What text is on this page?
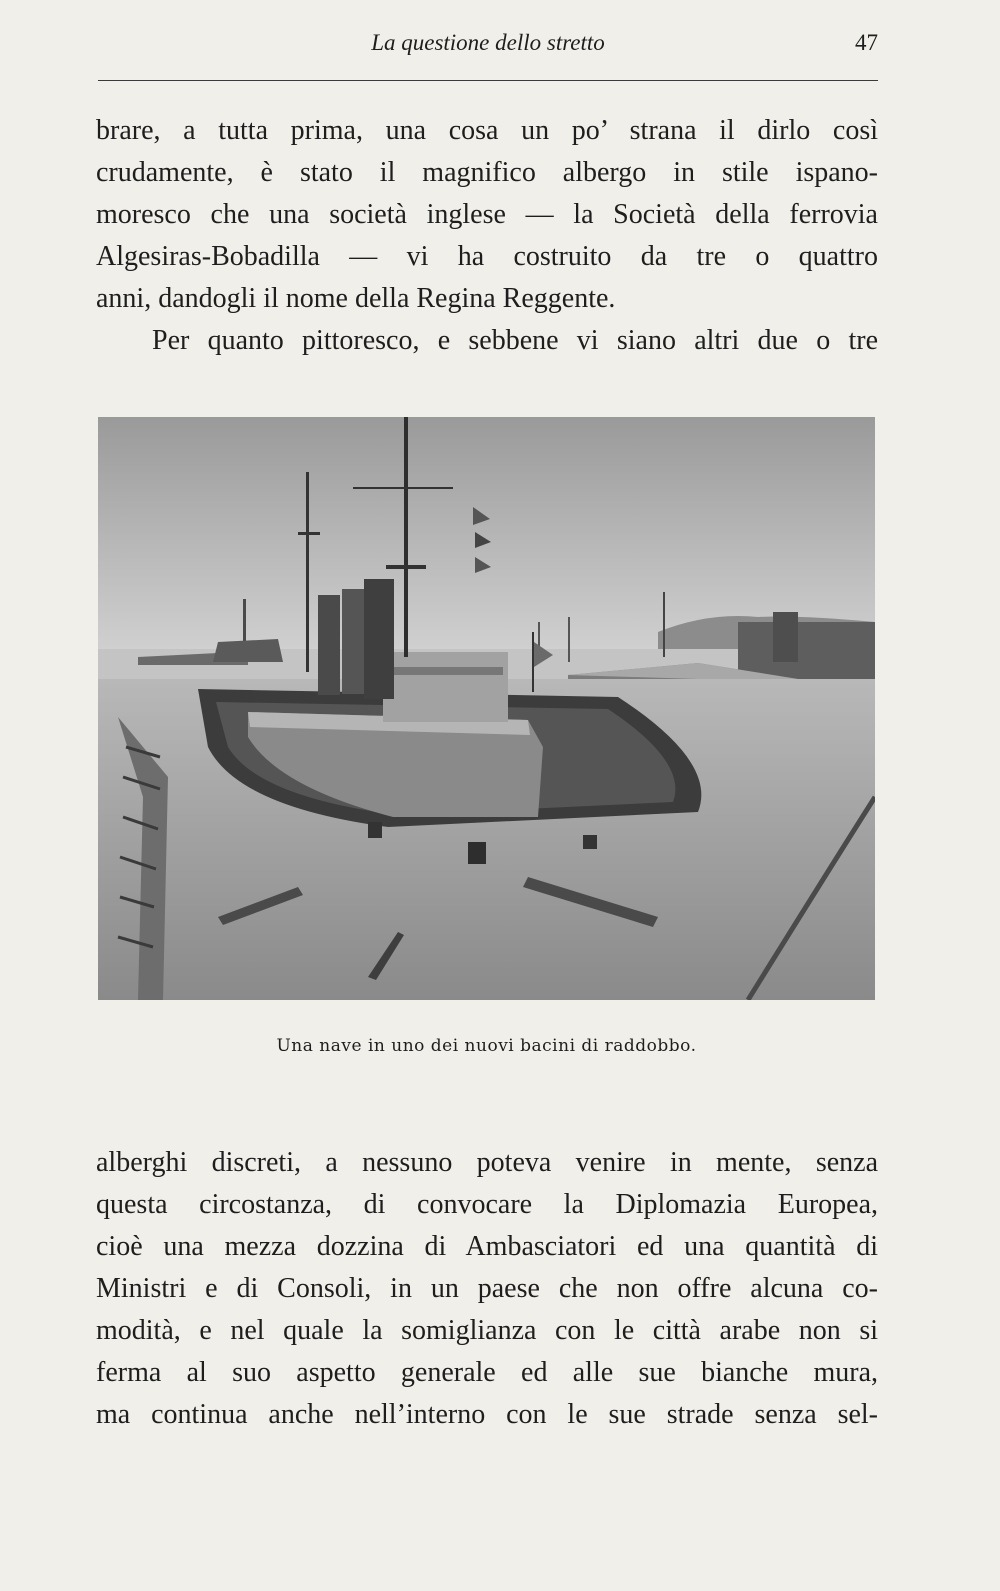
La questione dello stretto	47
brare, a tutta prima, una cosa un po’ strana il dirlo così
crudamente, è stato il magnifico albergo in stile ispano-
moresco che una società inglese — la Società della ferrovia
Algesiras-Bobadilla — vi ha costruito da tre o quattro
anni, dandogli il nome della Regina Reggente.
Per quanto pittoresco, e sebbene vi siano altri due o tre
Una nave in uno dei nuovi bacini di raddobbo.
alberghi discreti, a nessuno poteva venire in mente, senza
questa circostanza, di convocare la Diplomazia Europea,
cioè una mezza dozzina di Ambasciatori ed una quantità di
Ministri e di Consoli, in un paese che non offre alcuna co-
modità, e nel quale la somiglianza con le città arabe non si
ferma al suo aspetto generale ed alle sue bianche mura,
ma continua anche nell’interno con le sue strade senza sel-
